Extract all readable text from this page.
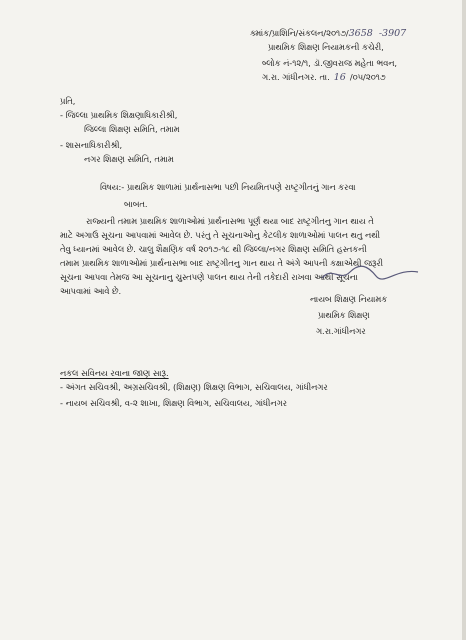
ક્માંક/પ્રાશિનિ/સંકલન/૨૦૧૭/3658 -3907
પ્રાથમિક શિક્ષણ નિયામકની કચેરી,
બ્લોક નં-૧૨/૧, ડૉ.જીવરાજ મહેતા ભવન,
ગ.રા. ગાંધીનગર. તા. 16 /૦૫/૨૦૧૭
પ્રતિ,
- જિલ્લા પ્રાથમિક શિક્ષણાધિકારીશ્રી,
જિલ્લા શિક્ષણ સમિતિ, તમામ
- શાસનાધિકારીશ્રી,
નગર શિક્ષણ સમિતિ, તમામ
વિષય:- પ્રાથમિક શાળામાં પ્રાર્થનાસભા પછી નિયમિતપણે રાષ્ટ્રગીતનું ગાન કરવા
બાબત.
રાજ્યની તમામ પ્રાથમિક શાળાઓમાં પ્રાર્થનાસભા પૂર્ણ થયા બાદ રાષ્ટ્રગીતનુ ગાન થાય તે
માટે અગાઉ સૂચના આપવામાં આવેલ છે. પરંતુ તે સૂચનાઓનુ કેટલીક શાળાઓમાં પાલન થતુ નથી
તેવુ ધ્યાનમાં આવેલ છે. ચાલુ શૈક્ષણિક વર્ષ ૨૦૧૭-૧૮ થી જિલ્લા/નગર શિક્ષણ સમિતિ હસ્તકની
તમામ પ્રાથમિક શાળાઓમાં પ્રાર્થનાસભા બાદ રાષ્ટ્રગીતનુ ગાન થાય તે અંગે આપની કક્ષાએથી જરૂરી
સૂચના આપવા તેમજ આ સૂચનાનુ ચુસ્તપણે પાલન થાય તેની તકેદારી રાખવા આથી સૂચના
આપવામાં આવે છે.
નાયબ શિક્ષણ નિયામક
પ્રાથમિક શિક્ષણ
ગ.રા.ગાંધીનગર
નકલ સવિનય રવાના જાણ સારૂ.
- અંગત સચિવશ્રી, અગ્રસચિવશ્રી, (શિક્ષણ) શિક્ષણ વિભાગ, સચિવાલય, ગાંધીનગર
- નાયબ સચિવશ્રી, વ-૨ શાખા, શિક્ષણ વિભાગ, સચિવાલય, ગાંધીનગર
